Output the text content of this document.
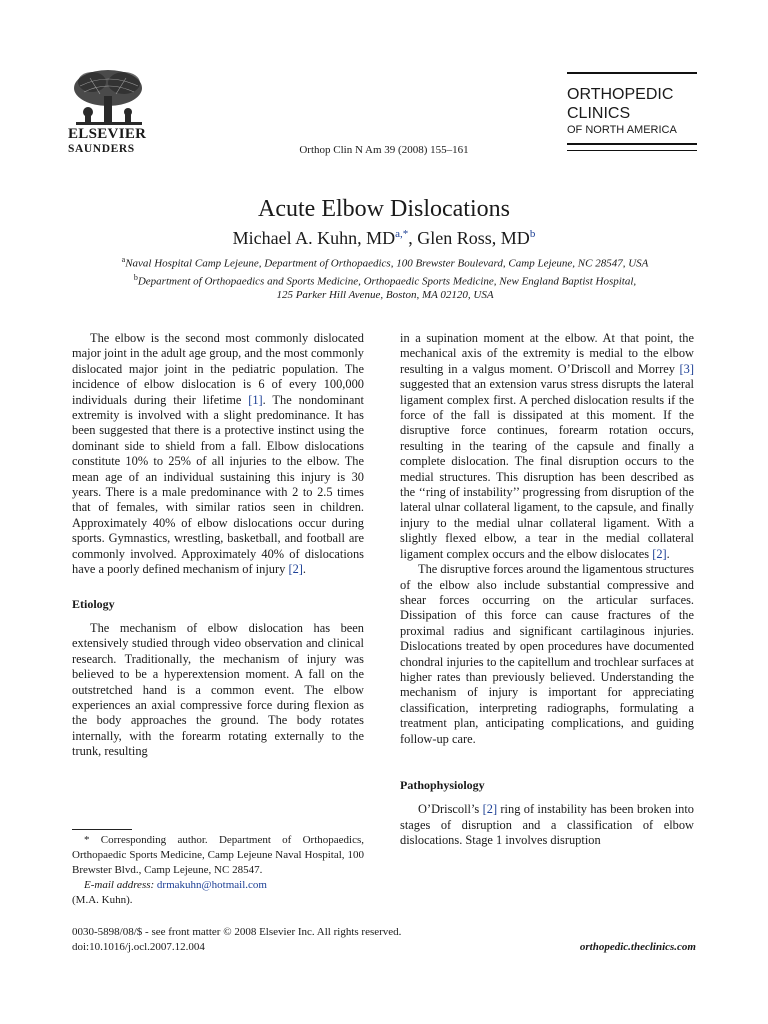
ELSEVIER
SAUNDERS	Orthop Clin N Am 39 (2008) 155–161
ORTHOPEDIC
CLINICS
OF NORTH AMERICA
Acute Elbow Dislocations
Michael A. Kuhn, $MD^{a,*}$, Glen Ross, $MD^b$
$^a$Naval Hospital Camp Lejeune, Department of Orthopaedics, 100 Brewster Boulevard, Camp Lejeune, NC 28547, USA
$^b$Department of Orthopaedics and Sports Medicine, Orthopaedic Sports Medicine, New England Baptist Hospital,
125 Parker Hill Avenue, Boston, MA 02120, USA

The elbow is the second most commonly dislocated major joint in the adult age group, and the most commonly dislocated major joint in the pediatric population. The incidence of elbow dislocation is 6 of every 100,000 individuals during their lifetime [1]. The nondominant extremity is involved with a slight predominance. It has been suggested that there is a protective instinct using the dominant side to shield from a fall. Elbow dislocations constitute 10% to 25% of all injuries to the elbow. The mean age of an individual sustaining this injury is 30 years. There is a male predominance with 2 to 2.5 times that of females, with similar ratios seen in children. Approximately 40% of elbow dislocations occur during sports. Gymnastics, wrestling, basketball, and football are commonly involved. Approximately 40% of dislocations have a poorly defined mechanism of injury [2].

Etiology

The mechanism of elbow dislocation has been extensively studied through video observation and clinical research. Traditionally, the mechanism of injury was believed to be a hyperextension moment. A fall on the outstretched hand is a common event. The elbow experiences an axial compressive force during flexion as the body approaches the ground. The body rotates internally, with the forearm rotating externally to the trunk, resulting

in a supination moment at the elbow. At that point, the mechanical axis of the extremity is medial to the elbow resulting in a valgus moment. O’Driscoll and Morrey [3] suggested that an extension varus stress disrupts the lateral ligament complex first. A perched dislocation results if the force of the fall is dissipated at this moment. If the disruptive force continues, forearm rotation occurs, resulting in the tearing of the capsule and finally a complete dislocation. The final disruption occurs to the medial structures. This disruption has been described as the ‘‘ring of instability’’ progressing from disruption of the lateral ulnar collateral ligament, to the capsule, and finally injury to the medial ulnar collateral ligament. With a slightly flexed elbow, a tear in the medial collateral ligament complex occurs and the elbow dislocates [2].

The disruptive forces around the ligamentous structures of the elbow also include substantial compressive and shear forces occurring on the articular surfaces. Dissipation of this force can cause fractures of the proximal radius and significant cartilaginous injuries. Dislocations treated by open procedures have documented chondral injuries to the capitellum and trochlear surfaces at higher rates than previously believed. Understanding the mechanism of injury is important for appreciating classification, interpreting radiographs, formulating a treatment plan, anticipating complications, and guiding follow-up care.

Pathophysiology

O’Driscoll’s [2] ring of instability has been broken into stages of disruption and a classification of elbow dislocations. Stage 1 involves disruption

* Corresponding author. Department of Orthopaedics, Orthopaedic Sports Medicine, Camp Lejeune Naval Hospital, 100 Brewster Blvd., Camp Lejeune, NC 28547.
E-mail address: drmakuhn@hotmail.com
(M.A. Kuhn).
0030-5898/08/$ - see front matter © 2008 Elsevier Inc. All rights reserved.
doi:10.1016/j.ocl.2007.12.004	orthopedic.theclinics.com
